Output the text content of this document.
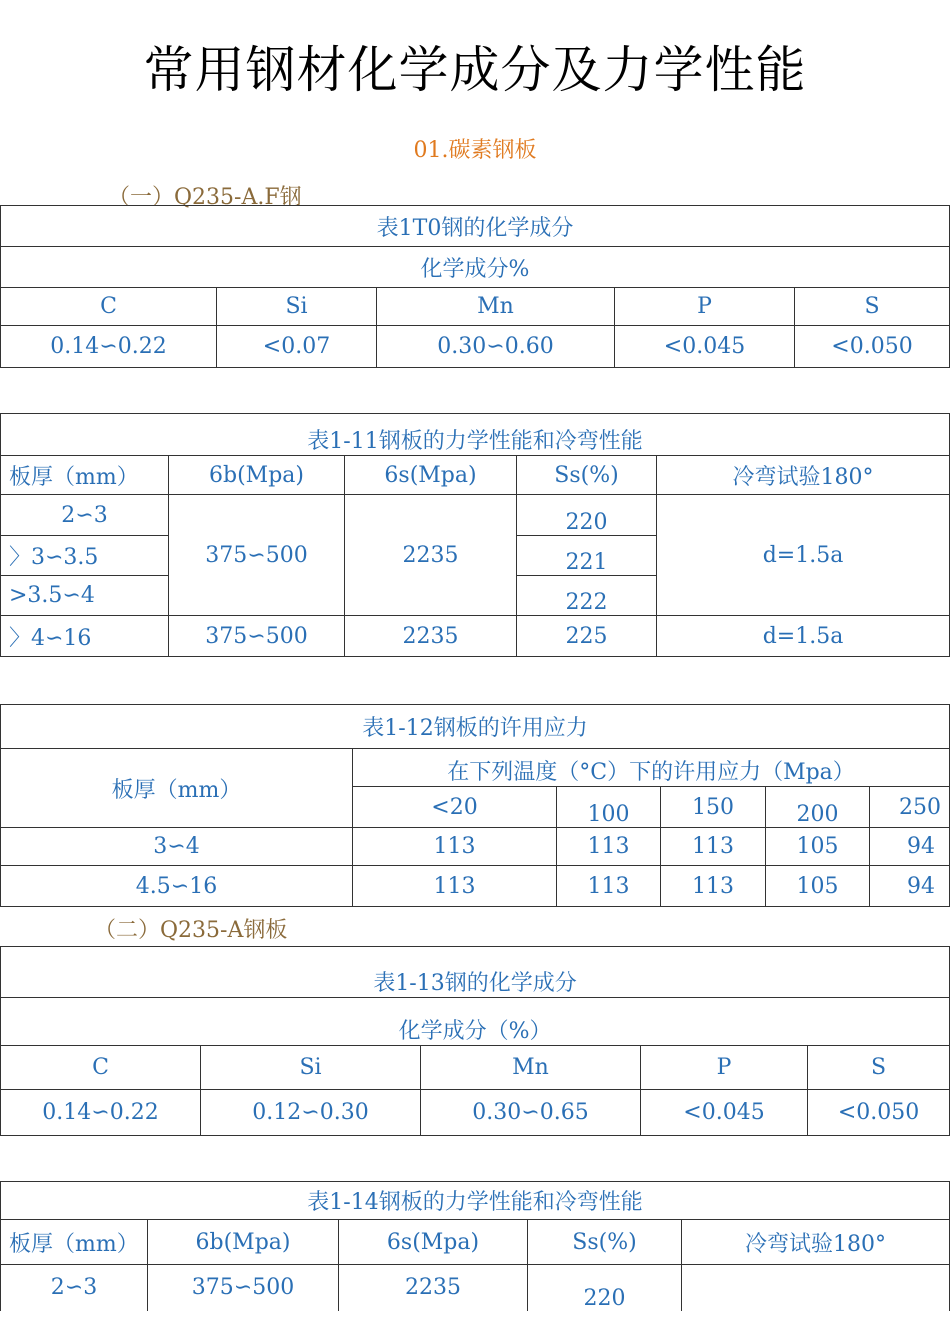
常用钢材化学成分及力学性能
01.碳素钢板
（一）Q235-A.F钢
表1T0钢的化学成分				
化学成分%				
C	Si	Mn	P	S
0.14∽0.22	<0.07	0.30∽0.60	<0.045	<0.050
表1-11钢板的力学性能和冷弯性能				
板厚（mm）	6b(Mpa)	6s(Mpa)	Ss(%)	冷弯试验180°
2∽3	375∽500	2235	220	d=1.5a
〉3∽3.5			221	
>3.5∽4			222	
〉4∽16	375∽500	2235	225	d=1.5a
表1-12钢板的许用应力					
板厚（mm）	在下列温度（°C）下的许用应力（Mpa）				
	<20	100	150	200	250
3∽4	113	113	113	105	94
4.5∽16	113	113	113	105	94
（二）Q235-A钢板
表1-13钢的化学成分				
化学成分（%）				
C	Si	Mn	P	S
0.14∽0.22	0.12∽0.30	0.30∽0.65	<0.045	<0.050
表1-14钢板的力学性能和冷弯性能				
板厚（mm）	6b(Mpa)	6s(Mpa)	Ss(%)	冷弯试验180°
2∽3	375∽500	2235	220	
